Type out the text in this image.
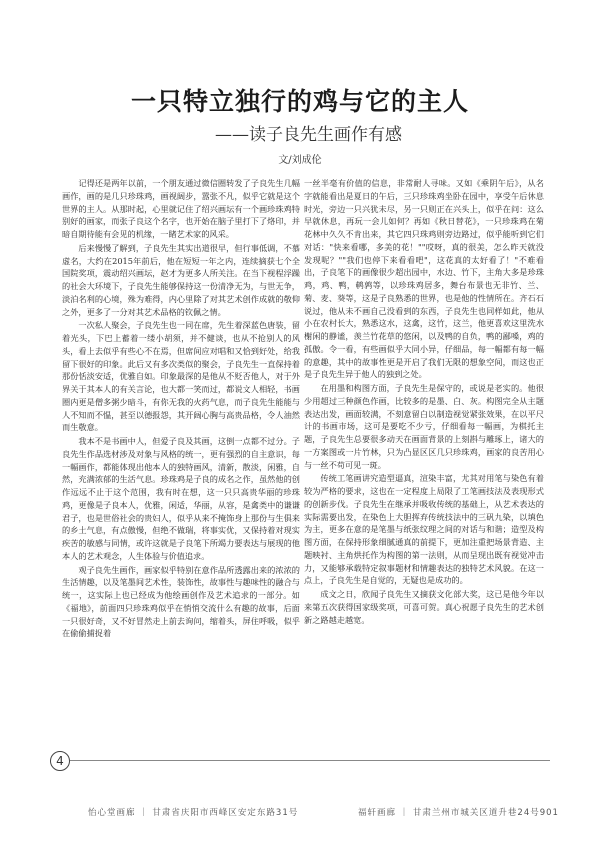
一只特立独行的鸡与它的主人
——读子良先生画作有感
文/刘成伦

记得还是两年以前，一个朋友通过微信圈转发了子良先生几幅画作，画的是几只珍珠鸡，画视阔步，嚣张不凡，似乎它就是这个世界的主人。从那时起，心里就记住了绍兴画坛有一个画珍珠鸡特别好的画家，而张子良这个名字，也开始在脑子里打下了烙印，并暗自期待能有会见的机缘，一睹艺术家的风采。

后来慢慢了解到，子良先生其实出道很早，但行事低调，不慕虚名，大约在2015年前后，他在短短一年之内，连续摘获七个全国院奖项，震动绍兴画坛，赵才为更多人所关注。在当下视程浮躁的社会大环境下，子良先生能够保持这一份清净无为，与世无争，淡泊名利的心境，殊为难得，内心里除了对其艺术创作成就的敬仰之外，更多了一分对其艺术品格的钦佩之情。

一次私人聚会，子良先生也一同在席，先生着深蓝色唐装，留着光头，下巴上蓄着一缕小胡须，并不健谈，也从不抢别人的风头，看上去似乎有些心不在焉，但席间应对唱和又恰到好处，给我留下很好的印象。此后又有多次类似的聚会，子良先生一直保持着那份恬淡安适，优雅自如。印象最深的是他从不贬否他人，对于外界关于其本人的有关言论，也大都一笑而过，都说文人相轻，书画圈内更是僧多粥少暗斗，有你无我的火药气息，而子良先生能能与人不知而不愠，甚至以德报怨，其开阔心胸与高贵品格，令人油然而生敬意。

我本不是书画中人，但爱子良及其画，这倒一点都不过分。子良先生作品选材涉及对象与风格的统一，更有强烈的自主意识，每一幅画作，都能体现出他本人的独特画风，清新，散淡，闲雅，自然，充满浓郁的生活气息。珍珠鸡是子良的成名之作，虽然他的创作远远不止于这个范围，我有时在想，这一只只高贵华丽的珍珠鸡，更像是子良本人，优雅，闲适，华丽，从容，是禽类中的谦谦君子，也是世俗社会的贵妇人，似乎从来不掩饰身上那份与生俱来的乡土气息，有点傲慢，但绝不做瑞，将事实优，又保持着对现实疾苦的敏感与同情，或许这就是子良笔下所竭力要表达与展现的他本人的艺术观念，人生体验与价值追求。

观子良先生画作，画家似乎特别在意作品所透露出来的浓浓的生活情趣，以及笔墨间艺术性，装饰性，故事性与趣味性的融合与统一，这实际上也已经成为他绘画创作及艺术追求的一部分。如《福地》，前面四只珍珠鸡似乎在悄悄交流什么有趣的故事，后面一只很好奇，又不好冒然走上前去询问，缩着头，屏住呼吸，似乎在偷偷捕捉着

一丝半毫有价值的信息，非常耐人寻味。又如《乘阴午后》，从名字就能看出是夏日的午后，三只珍珠鸡坐卧在园中，享受午后休息时光，旁边一只兴犹未尽，另一只则正在兴头上，似乎在问：这么早就休息，再玩一会儿如何？再如《秋日替花》，一只珍珠鸡在菊花林中久久不肯出来，其它四只珠鸡则旁边路过，似乎能听到它们对话："快来看哪，多美的花！""哎呀，真的很美，怎么昨天就没发现呢？""我们也停下来看看吧"，这花真的太好看了！"不难看出，子良笔下的画像很少超出园中，水边、竹下，主角大多是珍珠鸡，鸡、鸭，鹌鹑等，以珍珠鸡居多，舞台布景也无非竹、兰、菊、麦、葵等，这是子良熟悉的世界，也是他的性情所在。齐石石说过，他从未不画自己没看到的东西，子良先生也同样如此，他从小在农村长大，熟悉这水，这禽，这竹，这兰，他更喜欢这里洗水榭闲的静谧，羡兰竹花草的悠闲，以及鸭的自负，鸭的鄙嗓，鸡的孤傲。令一看，有些画似乎大同小异，仔细品，每一幅都有每一幅的意趣，其中的故事性更是开启了我们无限的想象空间，而这也正是子良先生异于他人的独到之处。

在用墨和构图方面，子良先生是保守的，或说是老实的。他很少用超过三种颜色作画，比较多的是墨、白、灰。构图完全从主题表达出发，画面较满，不刻意留白以制造视觉紧张效果，在以平尺计的书画市场，这可是要吃不少亏，仔细看每一幅画，为棋托主题，子良先生总要很多动天在画面背景的上刻斟与雕琢上，诸大的一方案图或一片竹林，只为凸显区区几只珍珠鸡，画家的良苦用心与一丝不苟可见一斑。

传统工笔画讲究造型逼真，渲染丰富，尤其对用笔与染色有着较为严格的要求，这也在一定程度上局限了工笔画技法及表现形式的创新步伐。子良先生在继承并吸收传统的基础上，从艺术表达的实际需要出发，在染色上大胆挥弃传统技法中的三矾九染，以填色为主，更多在意的是笔墨与纸张纹理之间的对话与和谐；造型及构图方面，在保持形象细腻通真的前提下，更加注重把场景背造、主题映衬、主角烘托作为构图的第一法则，从而呈现出既有视觉冲击力，又能够承载特定叙事题材和情趣表达的独特艺术风貌。在这一点上，子良先生是自觉的，无疑也是成功的。

成文之日，欣闻子良先生又摘获文化部大奖，这已是他今年以来第五次获得国家级奖项，可喜可贺。真心祝愿子良先生的艺术创新之路越走越宽。

4
怡心堂画廊 ｜ 甘肃省庆阳市西峰区安定东路31号	福轩画廊 ｜ 甘肃兰州市城关区道升巷24号901
